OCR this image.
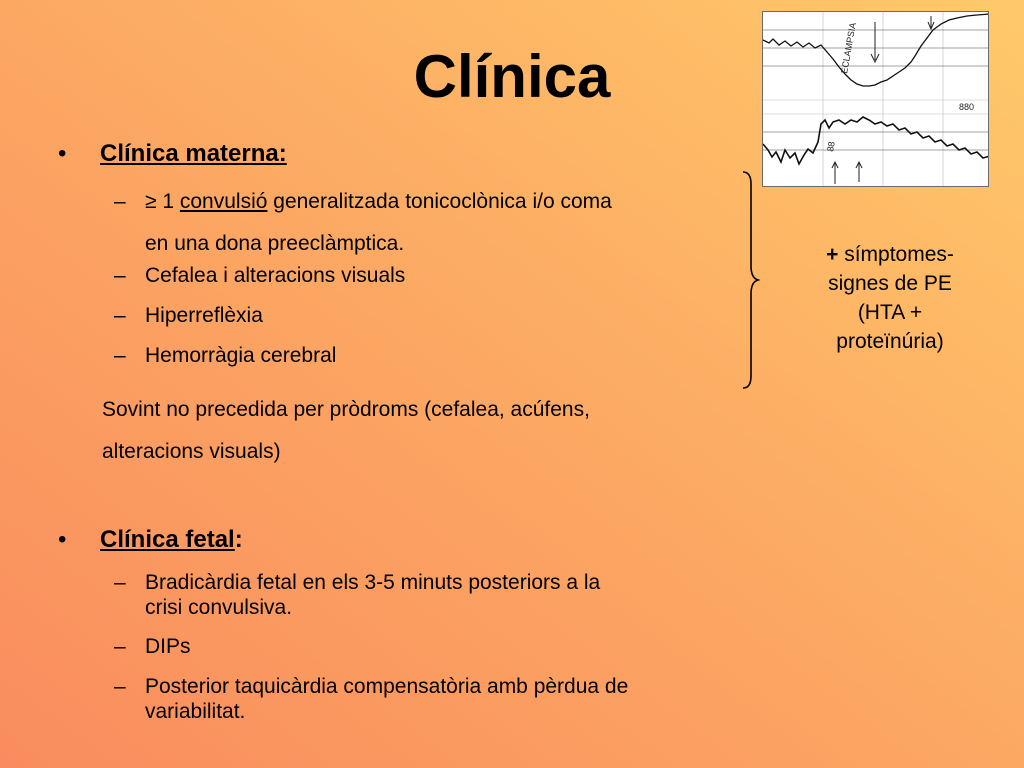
Clínica	ECLAMPSIA
88
880
• Clínica materna:
– ≥ 1 convulsió generalitzada tonicoclònica i/o coma
en una dona preeclàmptica.
– Cefalea i alteracions visuals
– Hiperreflèxia
– Hemorràgia cerebral
Sovint no precedida per pròdroms (cefalea, acúfens,
alteracions visuals)
+ símptomes-
signes de PE
(HTA +
proteïnúria)
• Clínica fetal:
– Bradicàrdia fetal en els 3-5 minuts posteriors a la
crisi convulsiva.
– DIPs
– Posterior taquicàrdia compensatòria amb pèrdua de
variabilitat.
